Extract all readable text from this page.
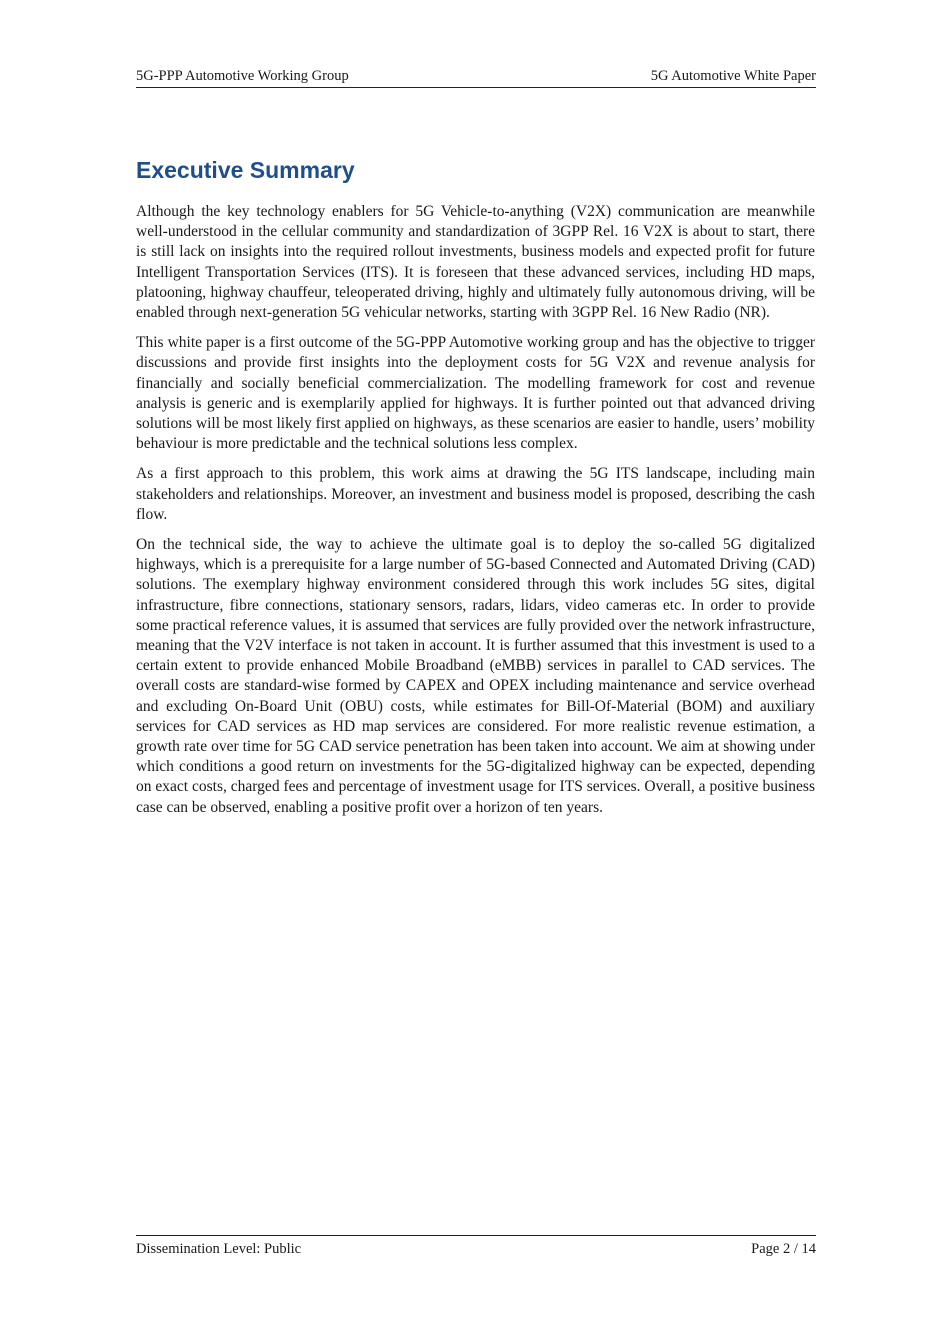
5G-PPP Automotive Working Group	5G Automotive White Paper
Executive Summary

Although the key technology enablers for 5G Vehicle-to-anything (V2X) communication are meanwhile well-understood in the cellular community and standardization of 3GPP Rel. 16 V2X is about to start, there is still lack on insights into the required rollout investments, business models and expected profit for future Intelligent Transportation Services (ITS). It is foreseen that these advanced services, including HD maps, platooning, highway chauffeur, teleoperated driving, highly and ultimately fully autonomous driving, will be enabled through next-generation 5G vehicular networks, starting with 3GPP Rel. 16 New Radio (NR).

This white paper is a first outcome of the 5G-PPP Automotive working group and has the objective to trigger discussions and provide first insights into the deployment costs for 5G V2X and revenue analysis for financially and socially beneficial commercialization. The modelling framework for cost and revenue analysis is generic and is exemplarily applied for highways. It is further pointed out that advanced driving solutions will be most likely first applied on highways, as these scenarios are easier to handle, users’ mobility behaviour is more predictable and the technical solutions less complex.

As a first approach to this problem, this work aims at drawing the 5G ITS landscape, including main stakeholders and relationships. Moreover, an investment and business model is proposed, describing the cash flow.

On the technical side, the way to achieve the ultimate goal is to deploy the so-called 5G digitalized highways, which is a prerequisite for a large number of 5G-based Connected and Automated Driving (CAD) solutions. The exemplary highway environment considered through this work includes 5G sites, digital infrastructure, fibre connections, stationary sensors, radars, lidars, video cameras etc. In order to provide some practical reference values, it is assumed that services are fully provided over the network infrastructure, meaning that the V2V interface is not taken in account. It is further assumed that this investment is used to a certain extent to provide enhanced Mobile Broadband (eMBB) services in parallel to CAD services. The overall costs are standard-wise formed by CAPEX and OPEX including maintenance and service overhead and excluding On-Board Unit (OBU) costs, while estimates for Bill-Of-Material (BOM) and auxiliary services for CAD services as HD map services are considered. For more realistic revenue estimation, a growth rate over time for 5G CAD service penetration has been taken into account. We aim at showing under which conditions a good return on investments for the 5G-digitalized highway can be expected, depending on exact costs, charged fees and percentage of investment usage for ITS services. Overall, a positive business case can be observed, enabling a positive profit over a horizon of ten years.

Dissemination Level: Public	Page 2 / 14
